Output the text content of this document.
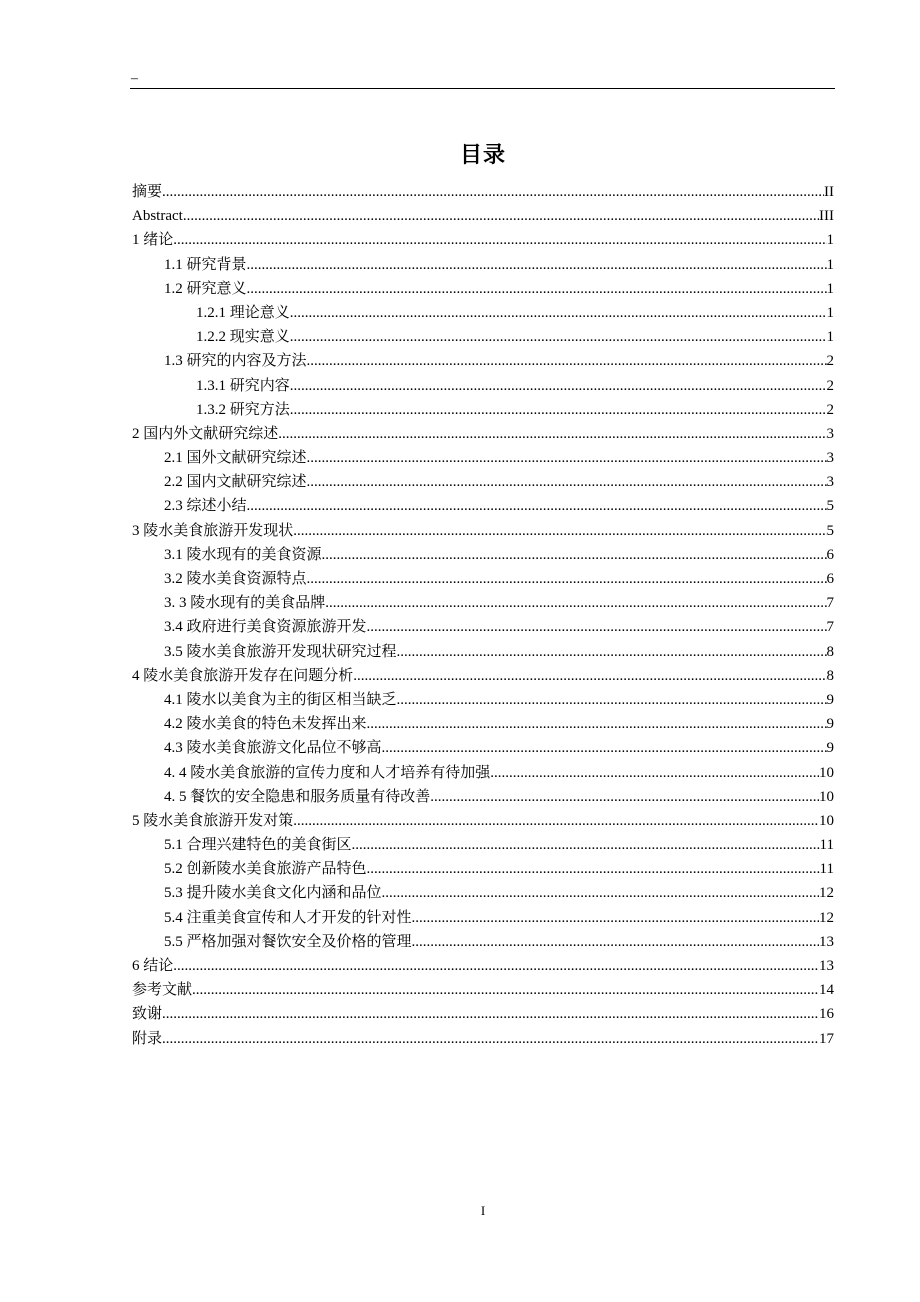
–
目录
摘要 .....	II
Abstract .....	III
1 绪论 .....	1
1.1 研究背景 .....	1
1.2 研究意义 .....	1
1.2.1 理论意义 .....	1
1.2.2 现实意义 .....	1
1.3 研究的内容及方法 .....	2
1.3.1 研究内容 .....	2
1.3.2 研究方法 .....	2
2 国内外文献研究综述 .....	3
2.1 国外文献研究综述 .....	3
2.2 国内文献研究综述 .....	3
2.3 综述小结 .....	5
3 陵水美食旅游开发现状 .....	5
3.1 陵水现有的美食资源 .....	6
3.2 陵水美食资源特点 .....	6
3. 3 陵水现有的美食品牌 .....	7
3.4 政府进行美食资源旅游开发 .....	7
3.5 陵水美食旅游开发现状研究过程 .....	8
4 陵水美食旅游开发存在问题分析 .....	8
4.1 陵水以美食为主的街区相当缺乏 .....	9
4.2 陵水美食的特色未发挥出来 .....	9
4.3 陵水美食旅游文化品位不够高 .....	9
4. 4 陵水美食旅游的宣传力度和人才培养有待加强 .....	10
4. 5 餐饮的安全隐患和服务质量有待改善 .....	10
5 陵水美食旅游开发对策 .....	10
5.1 合理兴建特色的美食街区 .....	11
5.2 创新陵水美食旅游产品特色 .....	11
5.3 提升陵水美食文化内涵和品位 .....	12
5.4 注重美食宣传和人才开发的针对性 .....	12
5.5 严格加强对餐饮安全及价格的管理 .....	13
6 结论 .....	13
参考文献 .....	14
致谢 .....	16
附录 .....	17
I
